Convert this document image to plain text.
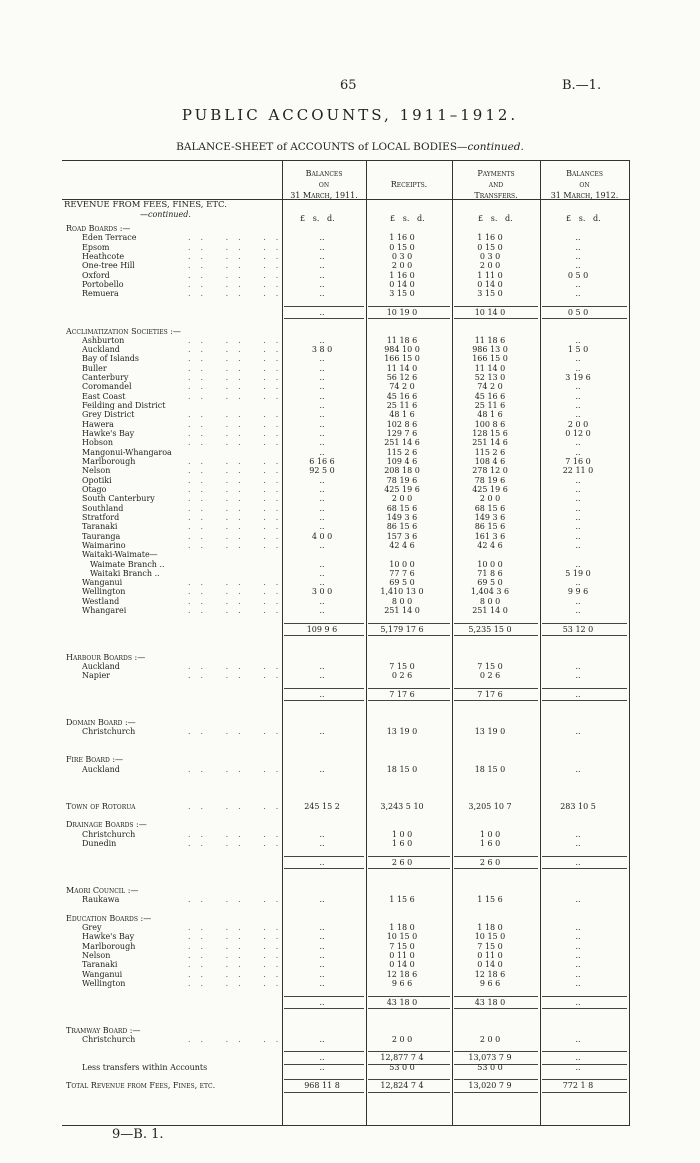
65	B.—1.
PUBLIC ACCOUNTS, 1911–1912.
BALANCE-SHEET of ACCOUNTS of LOCAL BODIES—continued.
Balances
on
31 March, 1911.
Receipts.
Payments
and
Transfers.
Balances
on
31 March, 1912.
REVENUE FROM FEES, FINES, ETC.
—continued.	£   s.   d.	£   s.   d.	£   s.   d.	£   s.   d.
Road Boards :—
Eden Terrace	.. .. ..	..	1 16 0	1 16 0	..
Epsom	.. .. ..	..	0 15 0	0 15 0	..
Heathcote	.. .. ..	..	0 3 0	0 3 0	..
One-tree Hill	.. .. ..	..	2 0 0	2 0 0	..
Oxford	.. .. ..	..	1 16 0	1 11 0	0 5 0
Portobello	.. .. ..	..	0 14 0	0 14 0	..
Remuera	.. .. ..	..	3 15 0	3 15 0	..
..	10 19 0	10 14 0	0 5 0
Acclimatization Societies :—
Ashburton	.. .. ..	..	11 18 6	11 18 6	..
Auckland	.. .. ..	3 8 0	984 10 0	986 13 0	1 5 0
Bay of Islands	.. .. ..	..	166 15 0	166 15 0	..
Buller	.. .. ..	..	11 14 0	11 14 0	..
Canterbury	.. .. ..	..	56 12 6	52 13 0	3 19 6
Coromandel	.. .. ..	..	74 2 0	74 2 0	..
East Coast	.. .. ..	..	45 16 6	45 16 6	..
Feilding and District	..	25 11 6	25 11 6	..
Grey District	.. .. ..	..	48 1 6	48 1 6	..
Hawera	.. .. ..	..	102 8 6	100 8 6	2 0 0
Hawke's Bay	.. .. ..	..	129 7 6	128 15 6	0 12 0
Hobson	.. .. ..	..	251 14 6	251 14 6	..
Mangonui-Whangaroa	..	115 2 6	115 2 6	..
Marlborough	.. .. ..	6 16 6	109 4 6	108 4 6	7 16 0
Nelson	.. .. ..	92 5 0	208 18 0	278 12 0	22 11 0
Opotiki	.. .. ..	..	78 19 6	78 19 6	..
Otago	.. .. ..	..	425 19 6	425 19 6	..
South Canterbury	.. .. ..	..	2 0 0	2 0 0	..
Southland	.. .. ..	..	68 15 6	68 15 6	..
Stratford	.. .. ..	..	149 3 6	149 3 6	..
Taranaki	.. .. ..	..	86 15 6	86 15 6	..
Tauranga	.. .. ..	4 0 0	157 3 6	161 3 6	..
Waimarino	.. .. ..	..	42 4 6	42 4 6	..
Waitaki-Waimate—
Waimate Branch ..	..	10 0 0	10 0 0	..
Waitaki Branch ..	..	77 7 6	71 8 6	5 19 0
Wanganui	.. .. ..	..	69 5 0	69 5 0	..
Wellington	.. .. ..	3 0 0	1,410 13 0	1,404 3 6	9 9 6
Westland	.. .. ..	..	8 0 0	8 0 0	..
Whangarei	.. .. ..	..	251 14 0	251 14 0	..
109 9 6	5,179 17 6	5,235 15 0	53 12 0
Harbour Boards :—
Auckland	.. .. ..	..	7 15 0	7 15 0	..
Napier	.. .. ..	..	0 2 6	0 2 6	..
..	7 17 6	7 17 6	..
Domain Board :—
Christchurch	.. .. ..	..	13 19 0	13 19 0	..
Fire Board :—
Auckland	.. .. ..	..	18 15 0	18 15 0	..
Town of Rotorua	.. .. ..	245 15 2	3,243 5 10	3,205 10 7	283 10 5
Drainage Boards :—
Christchurch	.. .. ..	..	1 0 0	1 0 0	..
Dunedin	.. .. ..	..	1 6 0	1 6 0	..
..	2 6 0	2 6 0	..
Maori Council :—
Raukawa	.. .. ..	..	1 15 6	1 15 6	..
Education Boards :—
Grey	.. .. ..	..	1 18 0	1 18 0	..
Hawke's Bay	.. .. ..	..	10 15 0	10 15 0	..
Marlborough	.. .. ..	..	7 15 0	7 15 0	..
Nelson	.. .. ..	..	0 11 0	0 11 0	..
Taranaki	.. .. ..	..	0 14 0	0 14 0	..
Wanganui	.. .. ..	..	12 18 6	12 18 6	..
Wellington	.. .. ..	..	9 6 6	9 6 6	..
..	43 18 0	43 18 0	..
Tramway Board :—
Christchurch	.. .. ..	..	2 0 0	2 0 0	..
..	12,877 7 4	13,073 7 9	..
Less transfers within Accounts	..	53 0 0	53 0 0	..
Total Revenue from Fees, Fines, etc.	968 11 8	12,824 7 4	13,020 7 9	772 1 8
9—B. 1.
